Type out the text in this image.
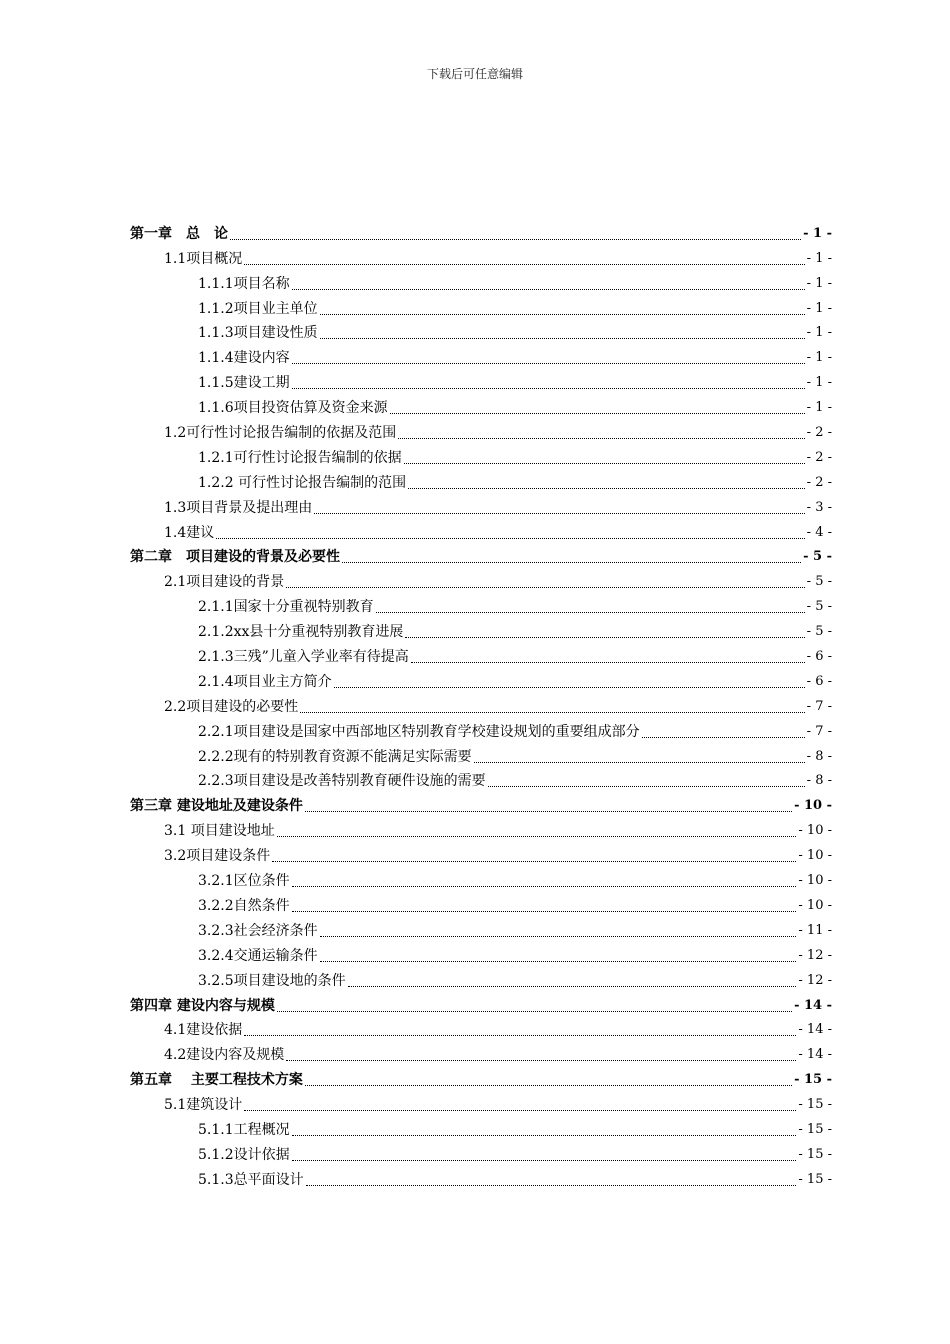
下载后可任意编辑
第一章　总　论	- 1 -
1.1项目概况	- 1 -
1.1.1项目名称	- 1 -
1.1.2项目业主单位	- 1 -
1.1.3项目建设性质	- 1 -
1.1.4建设内容	- 1 -
1.1.5建设工期	- 1 -
1.1.6项目投资估算及资金来源	- 1 -
1.2可行性讨论报告编制的依据及范围	- 2 -
1.2.1可行性讨论报告编制的依据	- 2 -
1.2.2 可行性讨论报告编制的范围	- 2 -
1.3项目背景及提出理由	- 3 -
1.4建议	- 4 -
第二章　项目建设的背景及必要性	- 5 -
2.1项目建设的背景	- 5 -
2.1.1国家十分重视特别教育	- 5 -
2.1.2xx县十分重视特别教育进展	- 5 -
2.1.3三残”儿童入学业率有待提高	- 6 -
2.1.4项目业主方简介	- 6 -
2.2项目建设的必要性	- 7 -
2.2.1项目建设是国家中西部地区特别教育学校建设规划的重要组成部分	- 7 -
2.2.2现有的特别教育资源不能满足实际需要	- 8 -
2.2.3项目建设是改善特别教育硬件设施的需要	- 8 -
第三章 建设地址及建设条件	- 10 -
3.1 项目建设地址	- 10 -
3.2项目建设条件	- 10 -
3.2.1区位条件	- 10 -
3.2.2自然条件	- 10 -
3.2.3社会经济条件	- 11 -
3.2.4交通运输条件	- 12 -
3.2.5项目建设地的条件	- 12 -
第四章 建设内容与规模	- 14 -
4.1建设依据	- 14 -
4.2建设内容及规模	- 14 -
第五章　 主要工程技术方案	- 15 -
5.1建筑设计	- 15 -
5.1.1工程概况	- 15 -
5.1.2设计依据	- 15 -
5.1.3总平面设计	- 15 -
